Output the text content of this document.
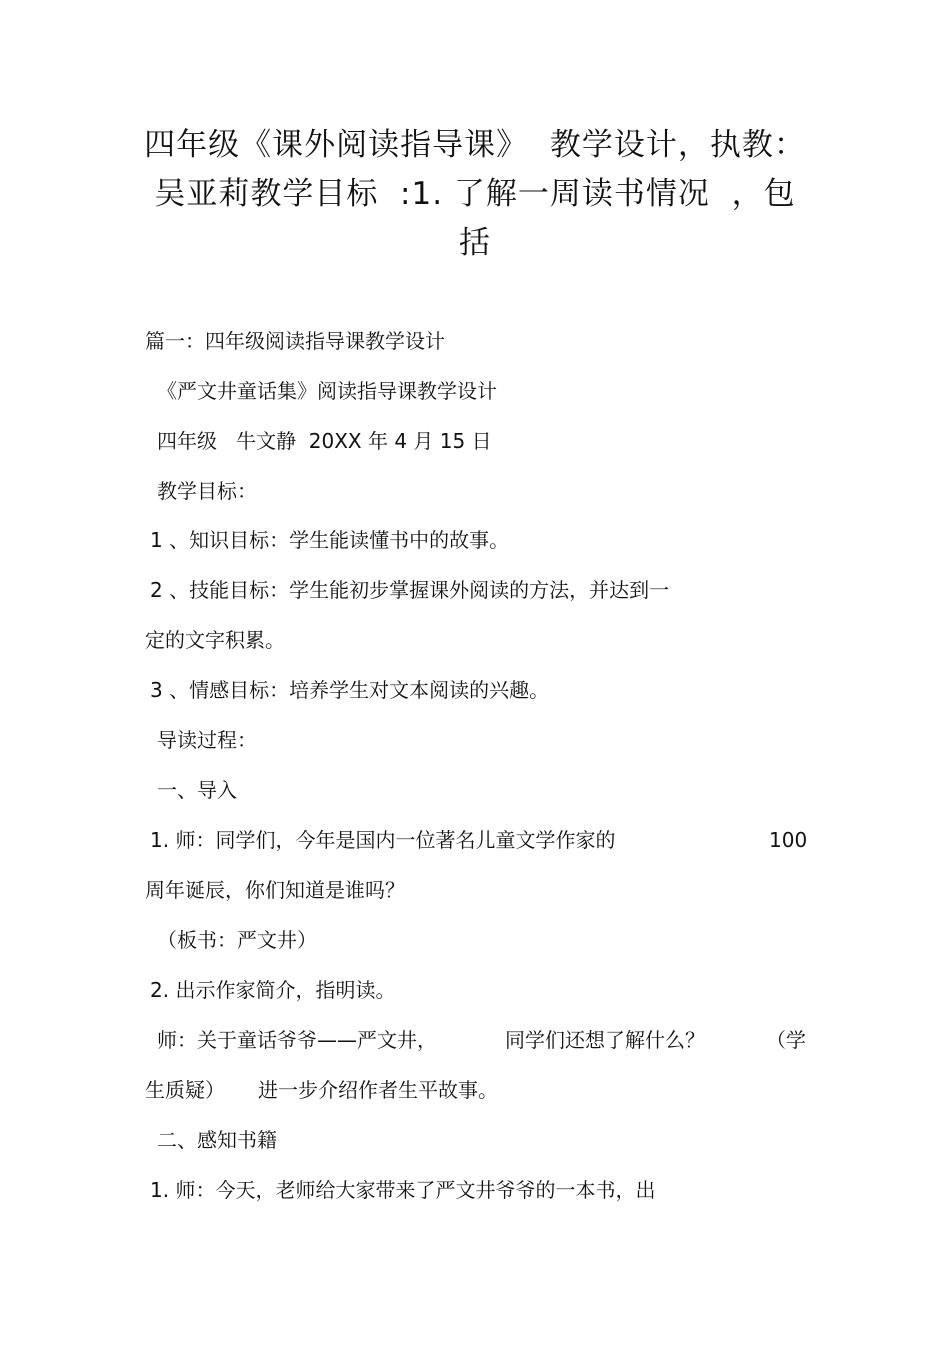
四年级《课外阅读指导课》  教学设计，执教：
吴亚莉教学目标  :1. 了解一周读书情况  ，包
括
篇一：四年级阅读指导课教学设计
《严文井童话集》阅读指导课教学设计
四年级   牛文静  20XX 年 4 月 15 日
教学目标：
1 、知识目标：学生能读懂书中的故事。
2 、技能目标：学生能初步掌握课外阅读的方法，并达到一
定的文字积累。
3 、情感目标：培养学生对文本阅读的兴趣。
导读过程：
一、导入
1. 师：同学们，今年是国内一位著名儿童文学作家的	100
周年诞辰，你们知道是谁吗？
（板书：严文井）
2. 出示作家简介，指明读。
师：关于童话爷爷——严文井，	同学们还想了解什么？	（学
生质疑） 进一步介绍作者生平故事。
二、感知书籍
1. 师：今天，老师给大家带来了严文井爷爷的一本书，出
